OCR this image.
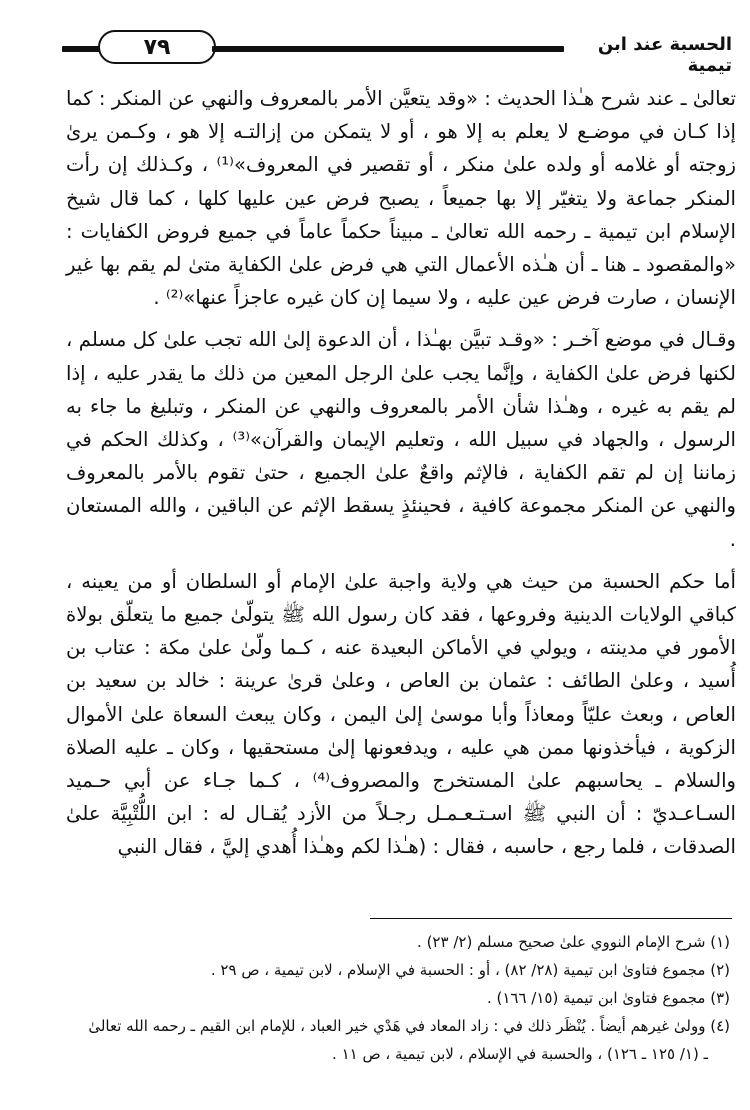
٧٩	الحسبة عند ابن تيمية

تعالىٰ ـ عند شرح هـٰذا الحديث : «وقد يتعيَّن الأمر بالمعروف والنهي عن المنكر : كما إذا كـان في موضـع لا يعلم به إلا هو ، أو لا يتمكن من إزالتـه إلا هو ، وكـمن يرىٰ زوجته أو غلامه أو ولده علىٰ منكر ، أو تقصير في المعروف»⁽¹⁾ ، وكـذلك إن رأت المنكر جماعة ولا يتغيّر إلا بها جميعاً ، يصبح فرض عين عليها كلها ، كما قال شيخ الإسلام ابن تيمية ـ رحمه الله تعالىٰ ـ مبيناً حكماً عاماً في جميع فروض الكفايات : «والمقصود ـ هنا ـ أن هـٰذه الأعمال التي هي فرض علىٰ الكفاية متىٰ لم يقم بها غير الإنسان ، صارت فرض عين عليه ، ولا سيما إن كان غيره عاجزاً عنها»⁽²⁾ .

وقـال في موضع آخـر : «وقـد تبيَّن بهـٰذا ، أن الدعوة إلىٰ الله تجب علىٰ كل مسلم ، لكنها فرض علىٰ الكفاية ، وإنَّما يجب علىٰ الرجل المعين من ذلك ما يقدر عليه ، إذا لم يقم به غيره ، وهـٰذا شأن الأمر بالمعروف والنهي عن المنكر ، وتبليغ ما جاء به الرسول ، والجهاد في سبيل الله ، وتعليم الإيمان والقرآن»⁽³⁾ ، وكذلك الحكم في زماننا إن لم تقم الكفاية ، فالإثم واقعٌ علىٰ الجميع ، حتىٰ تقوم بالأمر بالمعروف والنهي عن المنكر مجموعة كافية ، فحينئذٍ يسقط الإثم عن الباقين ، والله المستعان .

أما حكم الحسبة من حيث هي ولاية واجبة علىٰ الإمام أو السلطان أو من يعينه ، كباقي الولايات الدينية وفروعها ، فقد كان رسول الله ﷺ يتولّىٰ جميع ما يتعلّق بولاة الأمور في مدينته ، ويولي في الأماكن البعيدة عنه ، كـما ولّىٰ علىٰ مكة : عتاب بن أُسيد ، وعلىٰ الطائف : عثمان بن العاص ، وعلىٰ قرىٰ عرينة : خالد بن سعيد بن العاص ، وبعث عليّاً ومعاذاً وأبا موسىٰ إلىٰ اليمن ، وكان يبعث السعاة علىٰ الأموال الزكوية ، فيأخذونها ممن هي عليه ، ويدفعونها إلىٰ مستحقيها ، وكان ـ عليه الصلاة والسلام ـ يحاسبهم علىٰ المستخرج والمصروف⁽⁴⁾ ، كـما جـاء عن أبي حـميد السـاعـديّ : أن النبي ﷺ اسـتـعـمـل رجـلاً من الأزد يُقـال له : ابن اللُّتْبِيَّة علىٰ الصدقات ، فلما رجع ، حاسبه ، فقال : (هـٰذا لكم وهـٰذا أُهدي إليَّ ، فقال النبي

(١) شرح الإمام النووي علىٰ صحيح مسلم (٢/ ٢٣) .

(٢) مجموع فتاوىٰ ابن تيمية (٢٨/ ٨٢) ، أو : الحسبة في الإسلام ، لابن تيمية ، ص ٢٩ .

(٣) مجموع فتاوىٰ ابن تيمية (١٥/ ١٦٦) .

(٤) وولىٰ غيرهم أيضاً . يُنْظَر ذلك في : زاد المعاد في هَدْي خير العباد ، للإمام ابن القيم ـ رحمه الله تعالىٰ

ـ (١/ ١٢٥ ـ ١٢٦) ، والحسبة في الإسلام ، لابن تيمية ، ص ١١ .
